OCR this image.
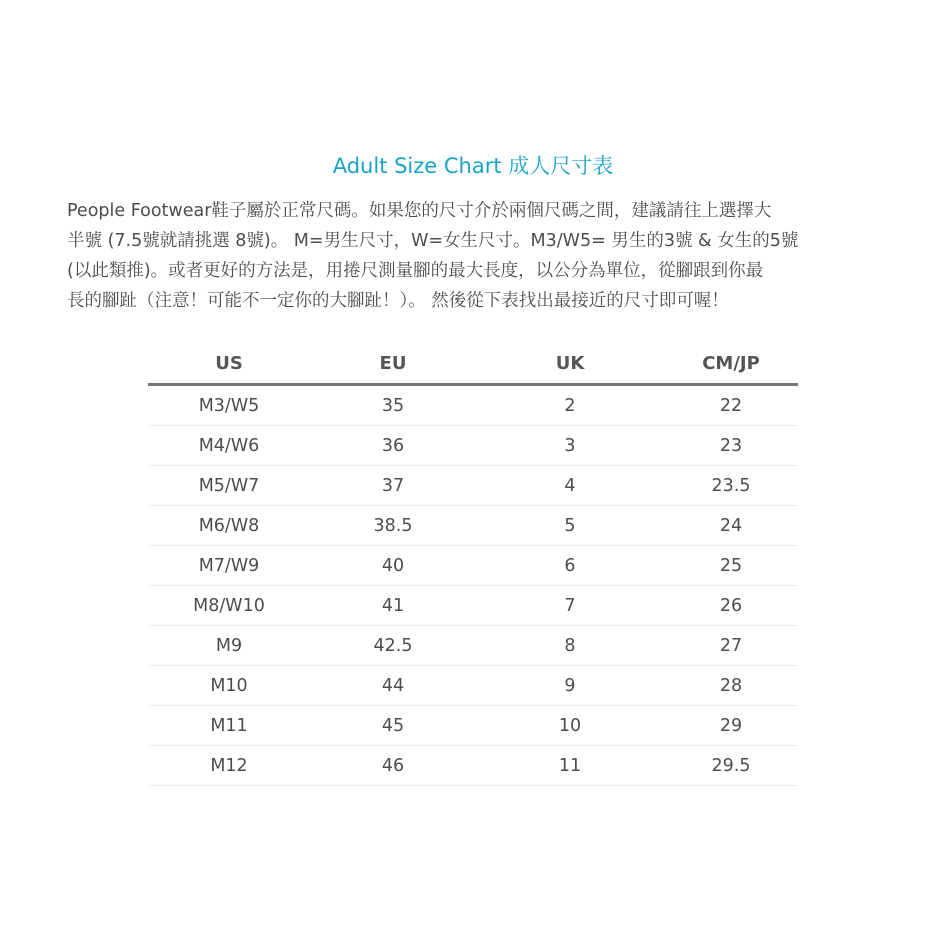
Adult Size Chart 成人尺寸表
People Footwear鞋子屬於正常尺碼。如果您的尺寸介於兩個尺碼之間，建議請往上選擇大
半號 (7.5號就請挑選 8號)。 M=男生尺寸，W=女生尺寸。M3/W5= 男生的3號 & 女生的5號
(以此類推)。或者更好的方法是，用捲尺測量腳的最大長度，以公分為單位，從腳跟到你最
長的腳趾（注意！可能不一定你的大腳趾！）。 然後從下表找出最接近的尺寸即可喔！
US	EU	UK	CM/JP
M3/W5	35	2	22
M4/W6	36	3	23
M5/W7	37	4	23.5
M6/W8	38.5	5	24
M7/W9	40	6	25
M8/W10	41	7	26
M9	42.5	8	27
M10	44	9	28
M11	45	10	29
M12	46	11	29.5
